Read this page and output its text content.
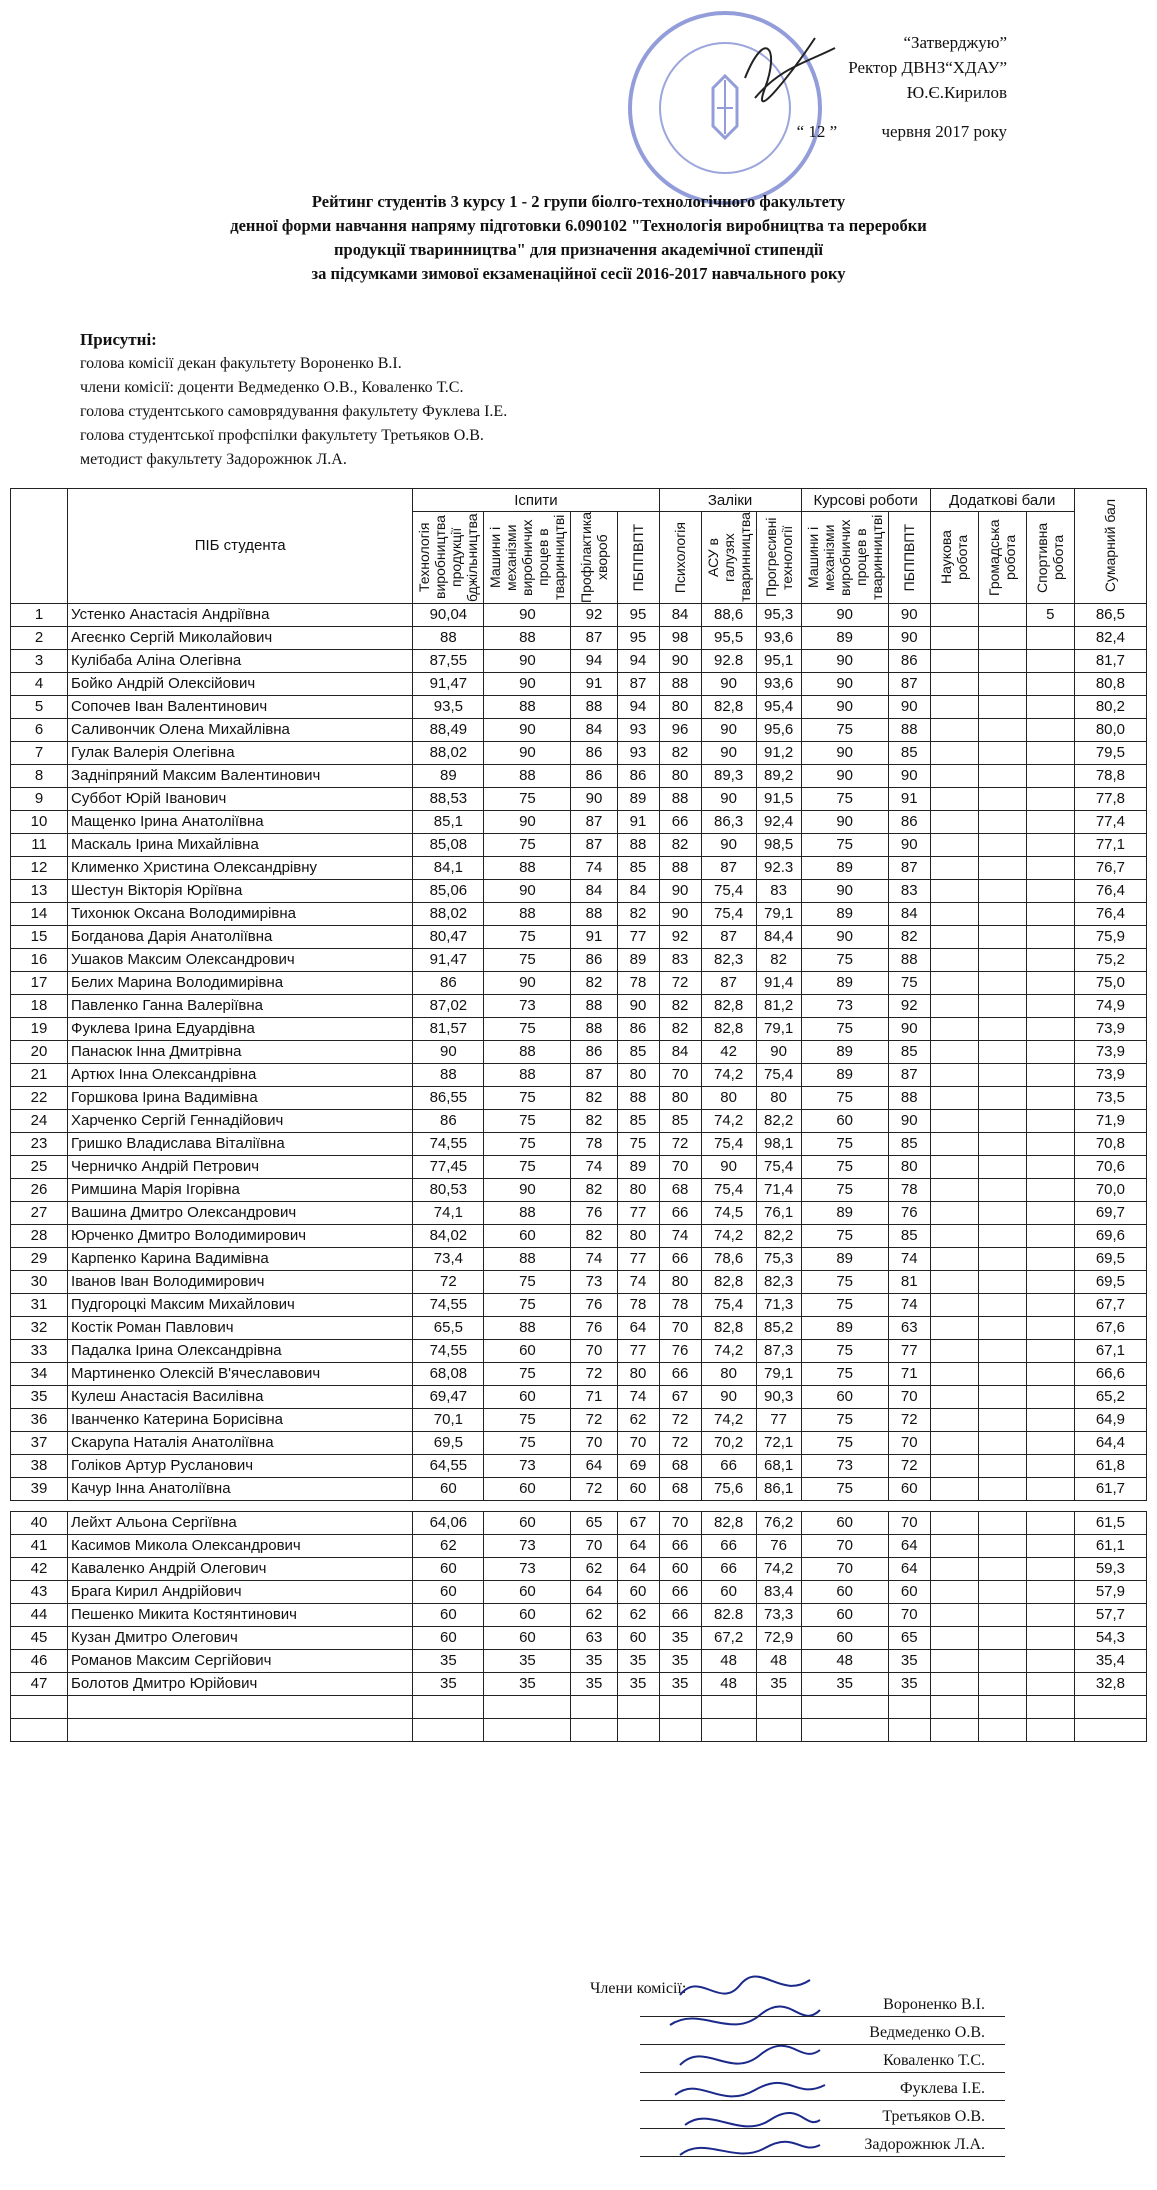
“Затверджую”
Ректор ДВНЗ“ХДАУ”
Ю.Є.Кирилов
“ 12 ”	червня 2017 року
Рейтинг студентів 3 курсу 1 - 2 групи біолго-технологічного факультету
денної форми навчання напряму підготовки 6.090102 "Технологія виробництва та переробки
продукції тваринництва" для призначення академічної стипендії
за підсумками зимової екзаменаційної сесії 2016-2017 навчального року
Присутні:
голова комісії декан факультету Вороненко В.І.
члени комісії: доценти Ведмеденко О.В., Коваленко Т.С.
голова студентського самоврядування факультету Фуклева І.Е.
голова студентської профспілки факультету Третьяков О.В.
методист факультету Задорожнюк Л.А.
	ПІБ студента	Іспити				Заліки			Курсові роботи		Додаткові бали			Сумарний бал

		Технологія виробництва продукції бджільництва	Машини і механізми виробничих процев в тваринництві	Профілактика хвороб	ПБППВПТ	Психологія	АСУ в галузях тваринництва	Прогресивні технології	Машини і механізми виробничих процев в тваринництві	ПБППВПТ	Наукова робота	Громадська робота	Спортивна робота	

1	Устенко Анастасія Андріївна	90,04	90	92	95	84	88,6	95,3	90	90			5	86,5
2	Агеєнко Сергій Миколайович	88	88	87	95	98	95,5	93,6	89	90				82,4
3	Кулібаба Аліна Олегівна	87,55	90	94	94	90	92.8	95,1	90	86				81,7
4	Бойко Андрій Олексійович	91,47	90	91	87	88	90	93,6	90	87				80,8
5	Сопочев Іван Валентинович	93,5	88	88	94	80	82,8	95,4	90	90				80,2
6	Саливончик Олена Михайлівна	88,49	90	84	93	96	90	95,6	75	88				80,0
7	Гулак Валерія Олегівна	88,02	90	86	93	82	90	91,2	90	85				79,5
8	Задніпряний Максим Валентинович	89	88	86	86	80	89,3	89,2	90	90				78,8
9	Суббот Юрій Іванович	88,53	75	90	89	88	90	91,5	75	91				77,8
10	Мащенко Ірина Анатоліївна	85,1	90	87	91	66	86,3	92,4	90	86				77,4
11	Маскаль Ірина Михайлівна	85,08	75	87	88	82	90	98,5	75	90				77,1
12	Клименко Христина Олександрівну	84,1	88	74	85	88	87	92.3	89	87				76,7
13	Шестун Вікторія Юріївна	85,06	90	84	84	90	75,4	83	90	83				76,4
14	Тихонюк Оксана Володимирівна	88,02	88	88	82	90	75,4	79,1	89	84				76,4
15	Богданова Дарія Анатоліївна	80,47	75	91	77	92	87	84,4	90	82				75,9
16	Ушаков Максим Олександрович	91,47	75	86	89	83	82,3	82	75	88				75,2
17	Белих Марина Володимирівна	86	90	82	78	72	87	91,4	89	75				75,0
18	Павленко Ганна Валеріївна	87,02	73	88	90	82	82,8	81,2	73	92				74,9
19	Фуклева Ірина Едуардівна	81,57	75	88	86	82	82,8	79,1	75	90				73,9
20	Панасюк Інна Дмитрівна	90	88	86	85	84	42	90	89	85				73,9
21	Артюх Інна Олександрівна	88	88	87	80	70	74,2	75,4	89	87				73,9
22	Горшкова Ірина Вадимівна	86,55	75	82	88	80	80	80	75	88				73,5
24	Харченко Сергій Геннадійович	86	75	82	85	85	74,2	82,2	60	90				71,9
23	Гришко Владислава Віталіївна	74,55	75	78	75	72	75,4	98,1	75	85				70,8
25	Черничко Андрій Петрович	77,45	75	74	89	70	90	75,4	75	80				70,6
26	Римшина Марія Ігорівна	80,53	90	82	80	68	75,4	71,4	75	78				70,0
27	Вашина Дмитро Олександрович	74,1	88	76	77	66	74,5	76,1	89	76				69,7
28	Юрченко Дмитро Володимирович	84,02	60	82	80	74	74,2	82,2	75	85				69,6
29	Карпенко Карина Вадимівна	73,4	88	74	77	66	78,6	75,3	89	74				69,5
30	Іванов Іван Володимирович	72	75	73	74	80	82,8	82,3	75	81				69,5
31	Пудгороцкі Максим Михайлович	74,55	75	76	78	78	75,4	71,3	75	74				67,7
32	Костік Роман Павлович	65,5	88	76	64	70	82,8	85,2	89	63				67,6
33	Падалка Ірина Олександрівна	74,55	60	70	77	76	74,2	87,3	75	77				67,1
34	Мартиненко Олексій В'ячеславович	68,08	75	72	80	66	80	79,1	75	71				66,6
35	Кулеш Анастасія Василівна	69,47	60	71	74	67	90	90,3	60	70				65,2
36	Іванченко Катерина Борисівна	70,1	75	72	62	72	74,2	77	75	72				64,9
37	Скарупа Наталія Анатоліївна	69,5	75	70	70	72	70,2	72,1	75	70				64,4
38	Голіков Артур Русланович	64,55	73	64	69	68	66	68,1	73	72				61,8
39	Качур Інна Анатоліївна	60	60	72	60	68	75,6	86,1	75	60				61,7

40	Лейхт Альона Сергіївна	64,06	60	65	67	70	82,8	76,2	60	70				61,5
41	Касимов Микола Олександрович	62	73	70	64	66	66	76	70	64				61,1
42	Каваленко Андрій Олегович	60	73	62	64	60	66	74,2	70	64				59,3
43	Брага Кирил Андрійович	60	60	64	60	66	60	83,4	60	60				57,9
44	Пешенко Микита Костянтинович	60	60	62	62	66	82.8	73,3	60	70				57,7
45	Кузан Дмитро Олегович	60	60	63	60	35	67,2	72,9	60	65				54,3
46	Романов Максим Сергійович	35	35	35	35	35	48	48	48	35				35,4
47	Болотов Дмитро Юрійович	35	35	35	35	35	48	35	35	35				32,8

Члени комісії:
Вороненко В.І.
Ведмеденко О.В.
Коваленко Т.С.
Фуклева І.Е.
Третьяков О.В.
Задорожнюк Л.А.
